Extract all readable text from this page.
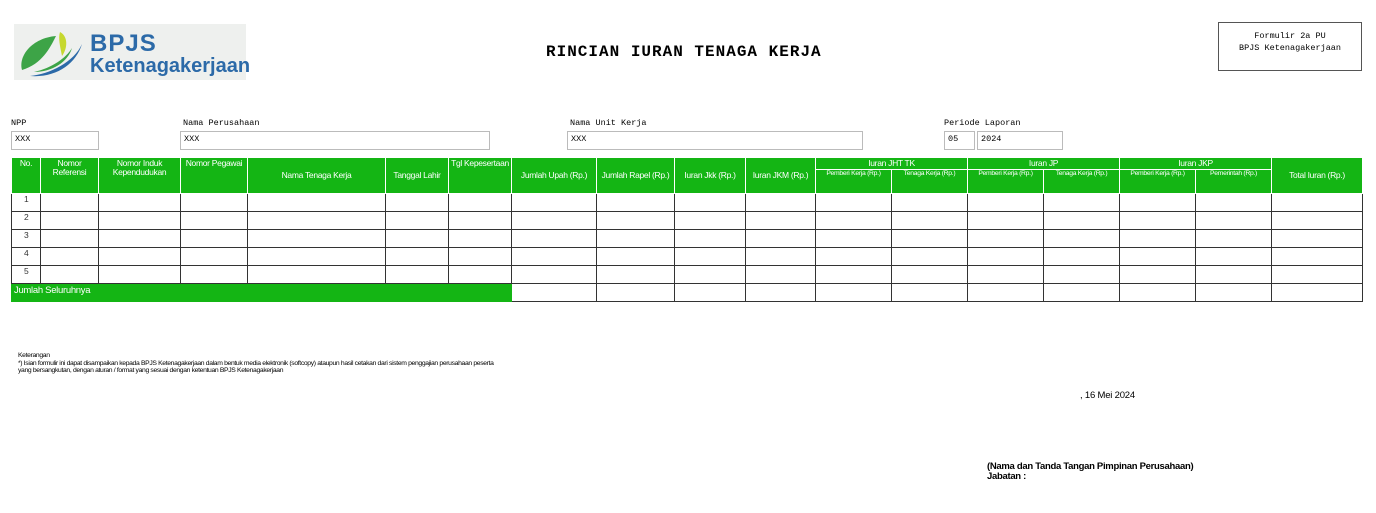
BPJS
Ketenagakerjaan
RINCIAN IURAN TENAGA KERJA
Formulir 2a PU
BPJS Ketenagakerjaan
NPP
XXX
Nama Perusahaan
XXX
Nama Unit Kerja
XXX
Periode Laporan
05	2024
No.	Nomor Referensi	Nomor Induk Kependudukan	Nomor Pegawai	Nama Tenaga Kerja	Tanggal Lahir	Tgl Kepesertaan	Jumlah Upah (Rp.)	Jumlah Rapel (Rp.)	Iuran Jkk (Rp.)	Iuran JKM (Rp.)	Iuran JHT TK		Iuran JP		Iuran JKP		Total Iuran (Rp.)
											Pemberi Kerja (Rp.)	Tenaga Kerja (Rp.)	Pemberi Kerja (Rp.)	Tenaga Kerja (Rp.)	Pemberi Kerja (Rp.)	Pemerintah (Rp.)	
1																	
2																	
3																	
4																	
5																	
Jumlah Seluruhnya																	
Keterangan
*) Isian formulir ini dapat disampaikan kepada BPJS Ketenagakerjaan dalam bentuk media elektronik (softcopy) ataupun hasil cetakan dari sistem penggajian perusahaan peserta yang bersangkutan, dengan aturan / format yang sesuai dengan ketentuan BPJS Ketenagakerjaan
, 16 Mei 2024
(Nama dan Tanda Tangan Pimpinan Perusahaan)
Jabatan :
